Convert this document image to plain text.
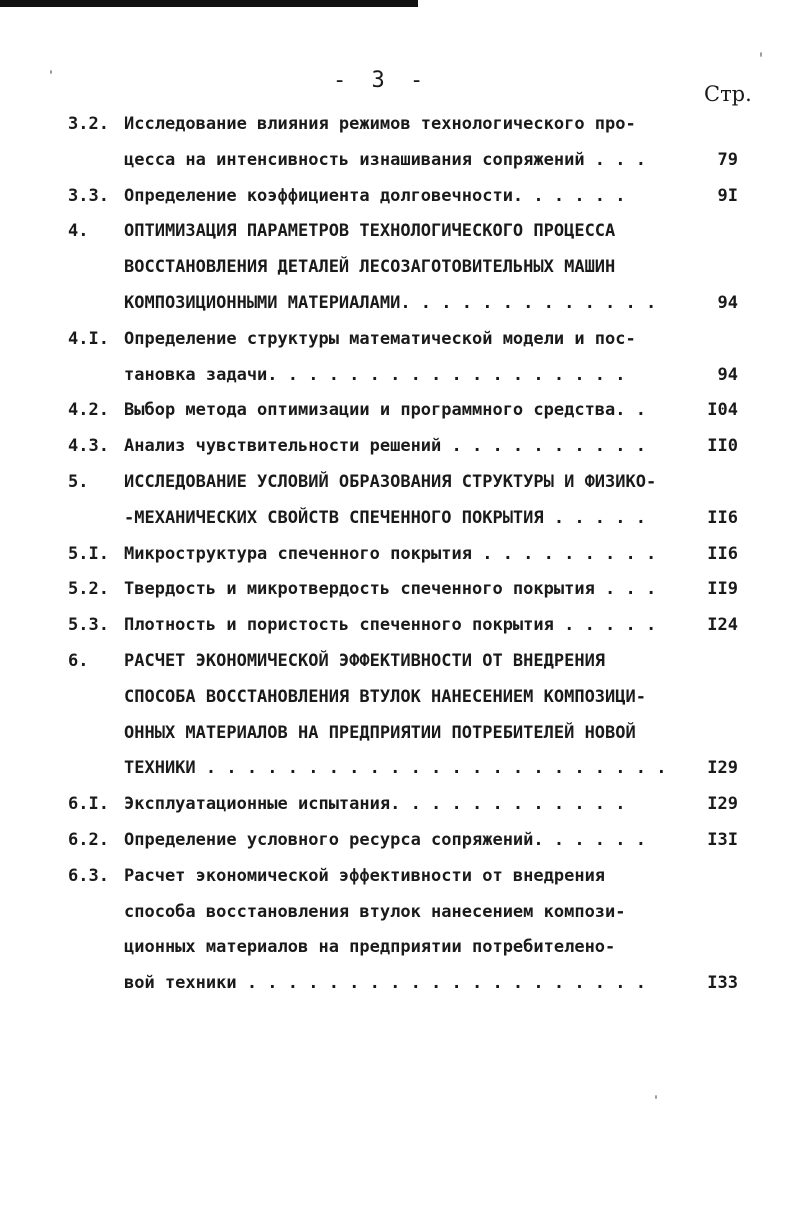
- 3 -
Стр.
3.2. Исследование влияния режимов технологического про-
цесса на интенсивность изнашивания сопряжений . . .	79
3.3. Определение коэффициента долговечности. . . . . .	9I
4. ОПТИМИЗАЦИЯ ПАРАМЕТРОВ ТЕХНОЛОГИЧЕСКОГО ПРОЦЕССА
ВОССТАНОВЛЕНИЯ ДЕТАЛЕЙ ЛЕСОЗАГОТОВИТЕЛЬНЫХ МАШИН
КОМПОЗИЦИОННЫМИ МАТЕРИАЛАМИ. . . . . . . . . . . . .	94
4.I. Определение структуры математической модели и пос-
тановка задачи. . . . . . . . . . . . . . . . . .	94
4.2. Выбор метода оптимизации и программного средства. .	I04
4.3. Анализ чувствительности решений . . . . . . . . . .	II0
5. ИССЛЕДОВАНИЕ УСЛОВИЙ ОБРАЗОВАНИЯ СТРУКТУРЫ И ФИЗИКО-
-МЕХАНИЧЕСКИХ СВОЙСТВ СПЕЧЕННОГО ПОКРЫТИЯ . . . . .	II6
5.I. Микроструктура спеченного покрытия . . . . . . . . .	II6
5.2. Твердость и микротвердость спеченного покрытия . . .	II9
5.3. Плотность и пористость спеченного покрытия . . . . .	I24
6. РАСЧЕТ ЭКОНОМИЧЕСКОЙ ЭФФЕКТИВНОСТИ ОТ ВНЕДРЕНИЯ
СПОСОБА ВОССТАНОВЛЕНИЯ ВТУЛОК НАНЕСЕНИЕМ КОМПОЗИЦИ-
ОННЫХ МАТЕРИАЛОВ НА ПРЕДПРИЯТИИ ПОТРЕБИТЕЛЕЙ НОВОЙ
ТЕХНИКИ . . . . . . . . . . . . . . . . . . . . . . . I29
6.I. Эксплуатационные испытания. . . . . . . . . . . .	I29
6.2. Определение условного ресурса сопряжений. . . . . .	I3I
6.3. Расчет экономической эффективности от внедрения
способа восстановления втулок нанесением компози-
ционных материалов на предприятии потребителено-
вой техники . . . . . . . . . . . . . . . . . . . .	I33
